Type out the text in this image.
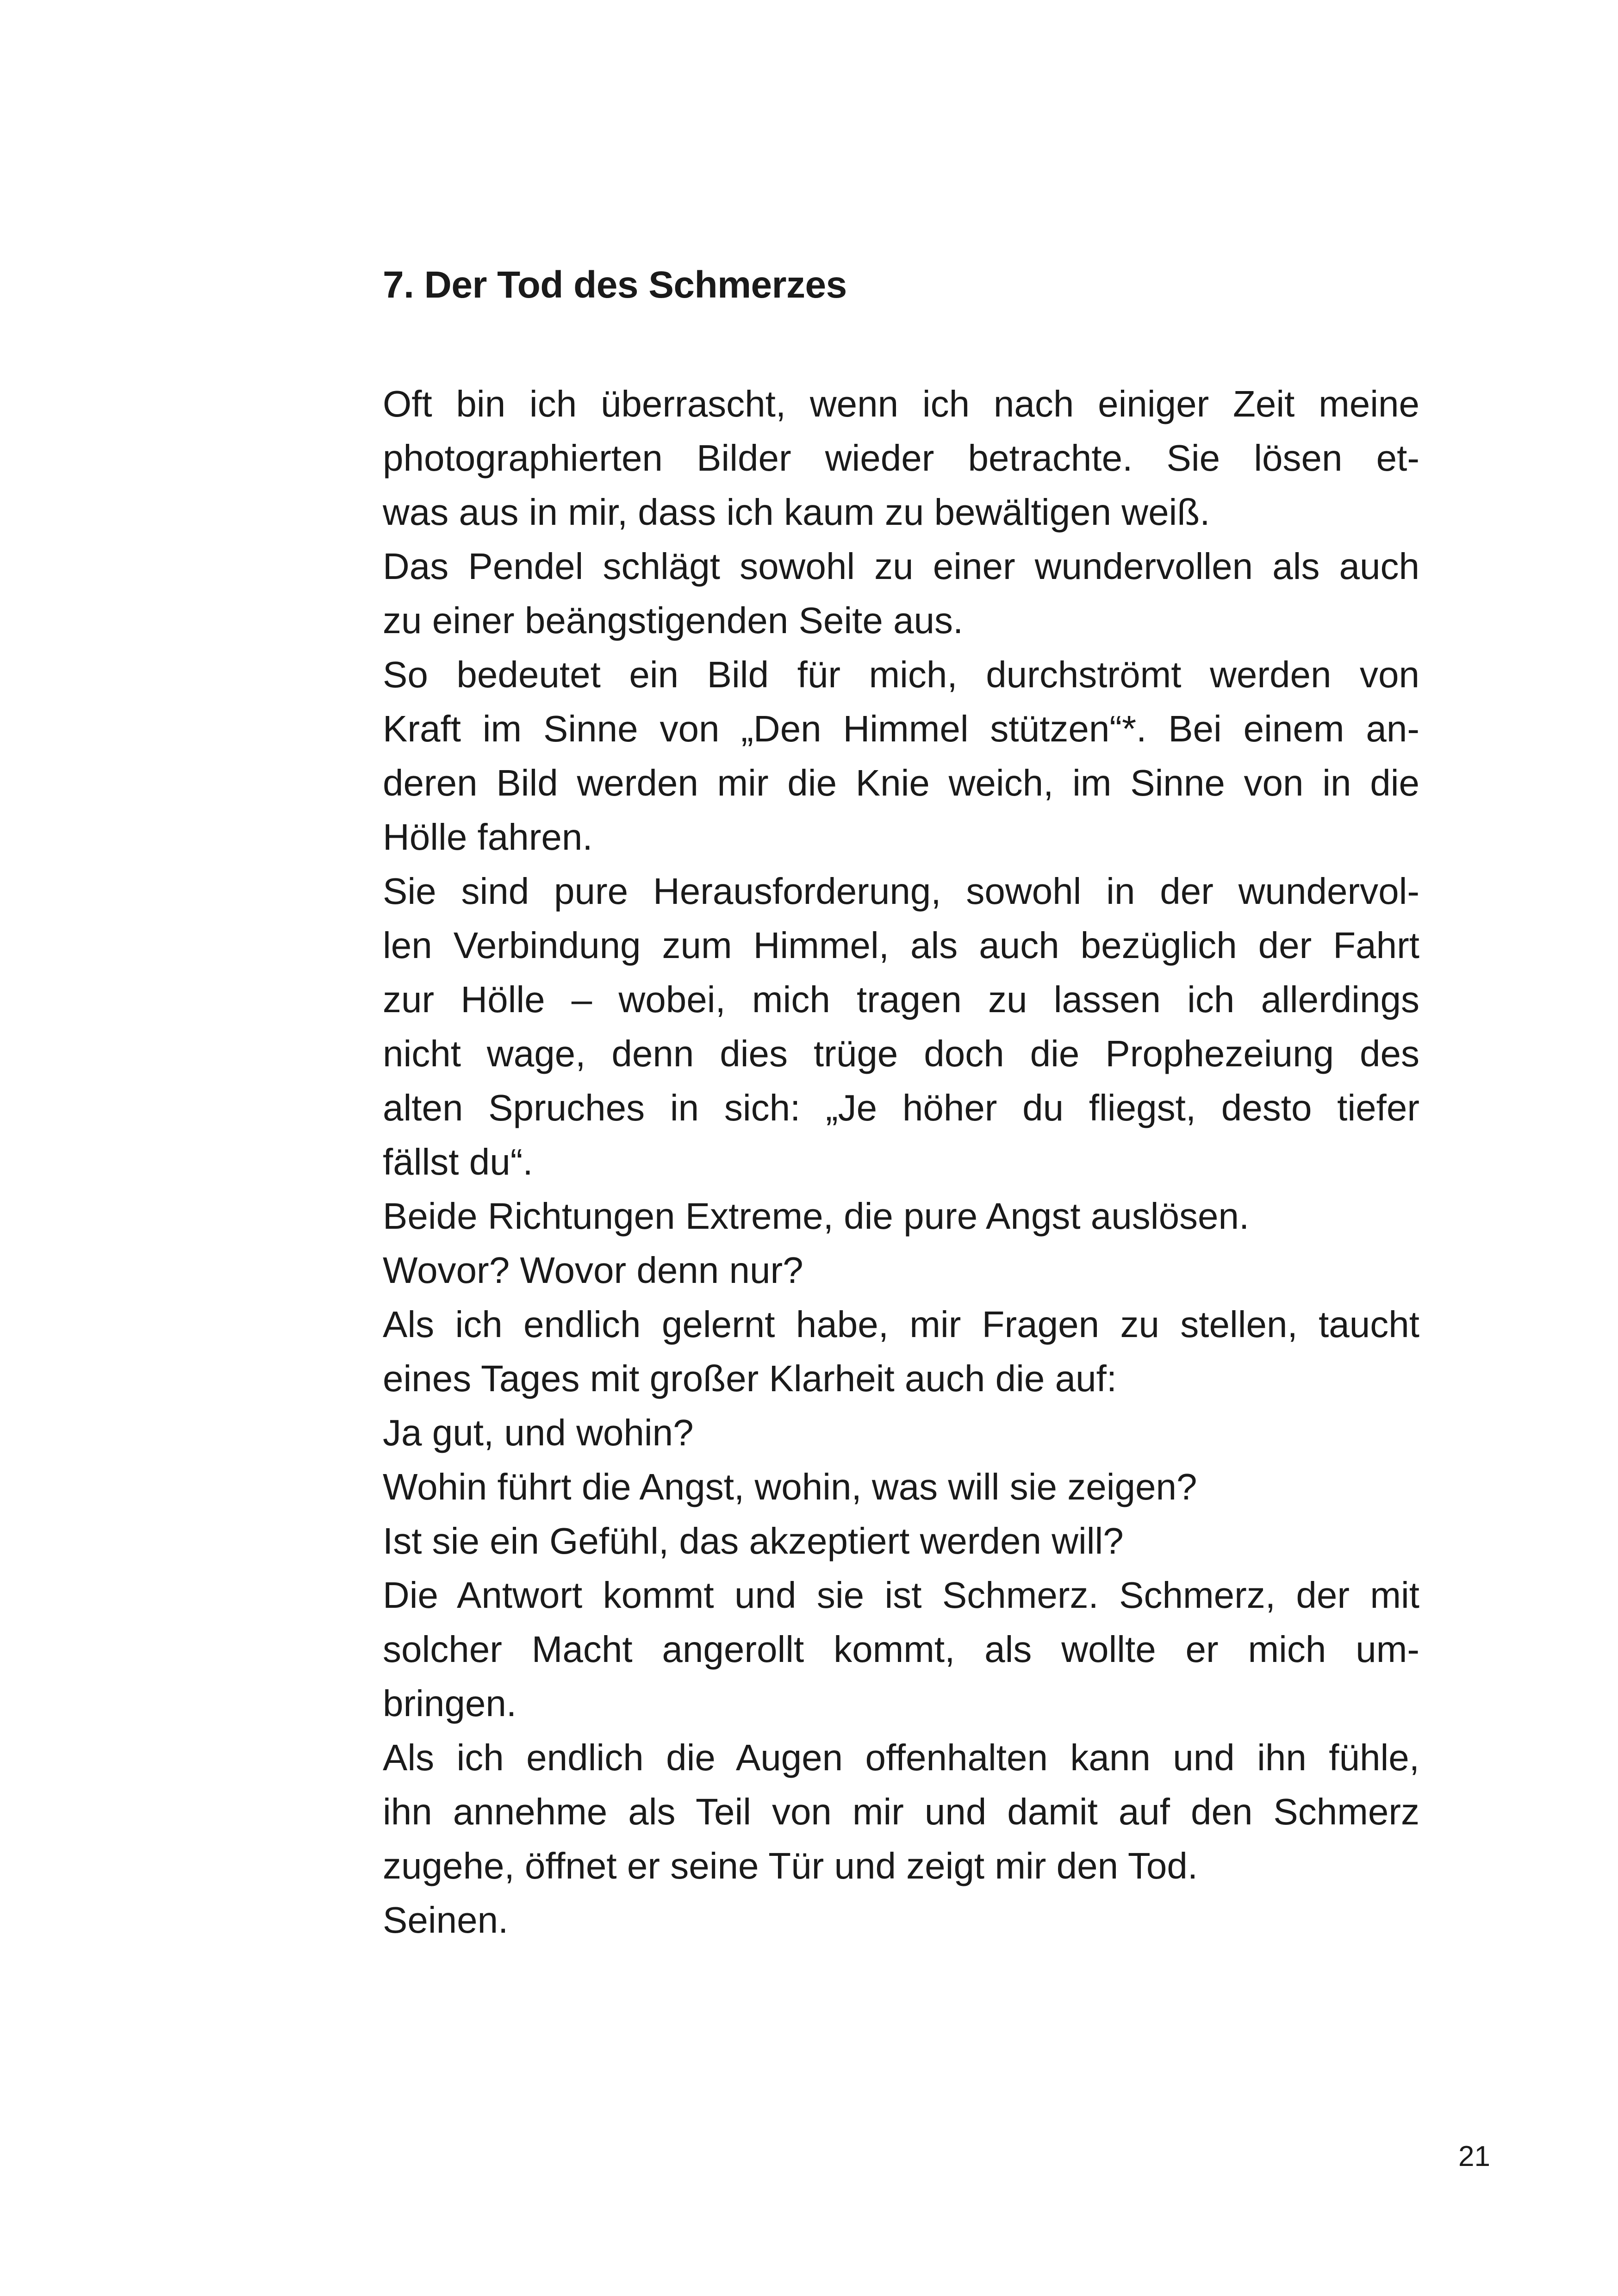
7. Der Tod des Schmerzes
Oft bin ich überrascht, wenn ich nach einiger Zeit meine
photographierten Bilder wieder betrachte. Sie lösen et-
was aus in mir, dass ich kaum zu bewältigen weiß.
Das Pendel schlägt sowohl zu einer wundervollen als auch
zu einer beängstigenden Seite aus.
So bedeutet ein Bild für mich, durchströmt werden von
Kraft im Sinne von „Den Himmel stützen“*. Bei einem an-
deren Bild werden mir die Knie weich, im Sinne von in die
Hölle fahren.
Sie sind pure Herausforderung, sowohl in der wundervol-
len Verbindung zum Himmel, als auch bezüglich der Fahrt
zur Hölle – wobei, mich tragen zu lassen ich allerdings
nicht wage, denn dies trüge doch die Prophezeiung des
alten Spruches in sich: „Je höher du fliegst, desto tiefer
fällst du“.
Beide Richtungen Extreme, die pure Angst auslösen.
Wovor? Wovor denn nur?
Als ich endlich gelernt habe, mir Fragen zu stellen, taucht
eines Tages mit großer Klarheit auch die auf:
Ja gut, und wohin?
Wohin führt die Angst, wohin, was will sie zeigen?
Ist sie ein Gefühl, das akzeptiert werden will?
Die Antwort kommt und sie ist Schmerz. Schmerz, der mit
solcher Macht angerollt kommt, als wollte er mich um-
bringen.
Als ich endlich die Augen offenhalten kann und ihn fühle,
ihn annehme als Teil von mir und damit auf den Schmerz
zugehe, öffnet er seine Tür und zeigt mir den Tod.
Seinen.
21
